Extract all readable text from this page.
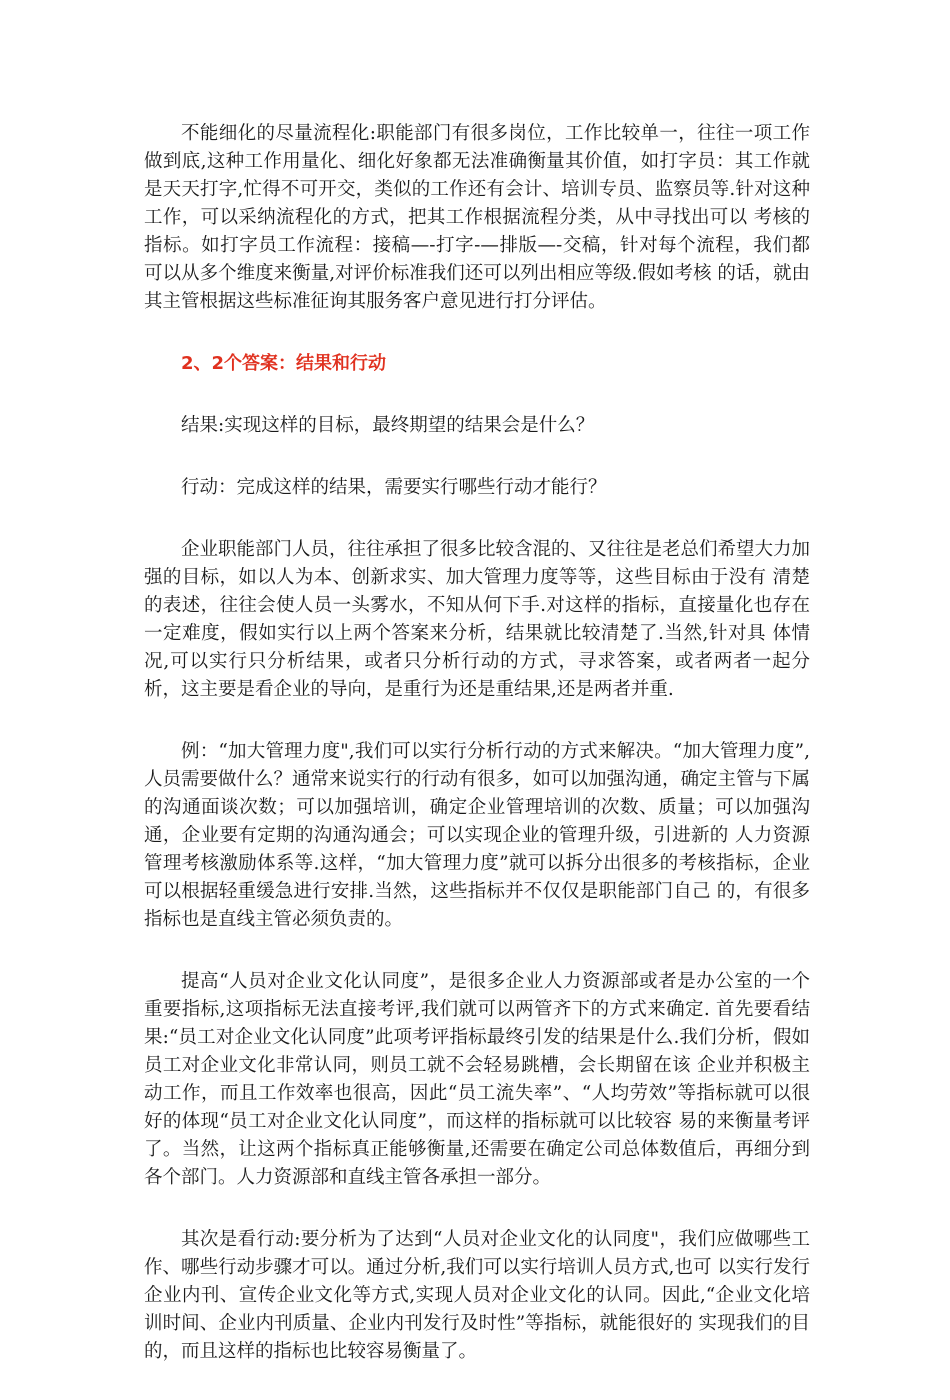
不能细化的尽量流程化:职能部门有很多岗位，工作比较单一，往往一项工作做到底,这种工作用量化、细化好象都无法准确衡量其价值，如打字员：其工作就是天天打字,忙得不可开交，类似的工作还有会计、培训专员、监察员等.针对这种工作，可以采纳流程化的方式，把其工作根据流程分类，从中寻找出可以 考核的指标。如打字员工作流程：接稿—-打字-—排版—-交稿，针对每个流程，我们都可以从多个维度来衡量,对评价标准我们还可以列出相应等级.假如考核 的话，就由其主管根据这些标准征询其服务客户意见进行打分评估。

2、2个答案：结果和行动

结果:实现这样的目标，最终期望的结果会是什么？

行动：完成这样的结果，需要实行哪些行动才能行？

企业职能部门人员，往往承担了很多比较含混的、又往往是老总们希望大力加强的目标，如以人为本、创新求实、加大管理力度等等，这些目标由于没有 清楚的表述，往往会使人员一头雾水，不知从何下手.对这样的指标，直接量化也存在一定难度，假如实行以上两个答案来分析，结果就比较清楚了.当然,针对具 体情况,可以实行只分析结果，或者只分析行动的方式，寻求答案，或者两者一起分析，这主要是看企业的导向，是重行为还是重结果,还是两者并重.

例：“加大管理力度",我们可以实行分析行动的方式来解决。“加大管理力度”,人员需要做什么？通常来说实行的行动有很多，如可以加强沟通，确定主管与下属的沟通面谈次数；可以加强培训，确定企业管理培训的次数、质量；可以加强沟通，企业要有定期的沟通沟通会；可以实现企业的管理升级，引进新的 人力资源管理考核激励体系等.这样，“加大管理力度”就可以拆分出很多的考核指标，企业可以根据轻重缓急进行安排.当然，这些指标并不仅仅是职能部门自己 的，有很多指标也是直线主管必须负责的。

提高“人员对企业文化认同度”，是很多企业人力资源部或者是办公室的一个重要指标,这项指标无法直接考评,我们就可以两管齐下的方式来确定. 首先要看结果:“员工对企业文化认同度”此项考评指标最终引发的结果是什么.我们分析，假如员工对企业文化非常认同，则员工就不会轻易跳槽，会长期留在该 企业并积极主动工作，而且工作效率也很高，因此“员工流失率”、“人均劳效”等指标就可以很好的体现“员工对企业文化认同度”，而这样的指标就可以比较容 易的来衡量考评了。当然，让这两个指标真正能够衡量,还需要在确定公司总体数值后，再细分到各个部门。人力资源部和直线主管各承担一部分。

其次是看行动:要分析为了达到“人员对企业文化的认同度"，我们应做哪些工作、哪些行动步骤才可以。通过分析,我们可以实行培训人员方式,也可 以实行发行企业内刊、宣传企业文化等方式,实现人员对企业文化的认同。因此,“企业文化培训时间、企业内刊质量、企业内刊发行及时性”等指标，就能很好的 实现我们的目的，而且这样的指标也比较容易衡量了。
